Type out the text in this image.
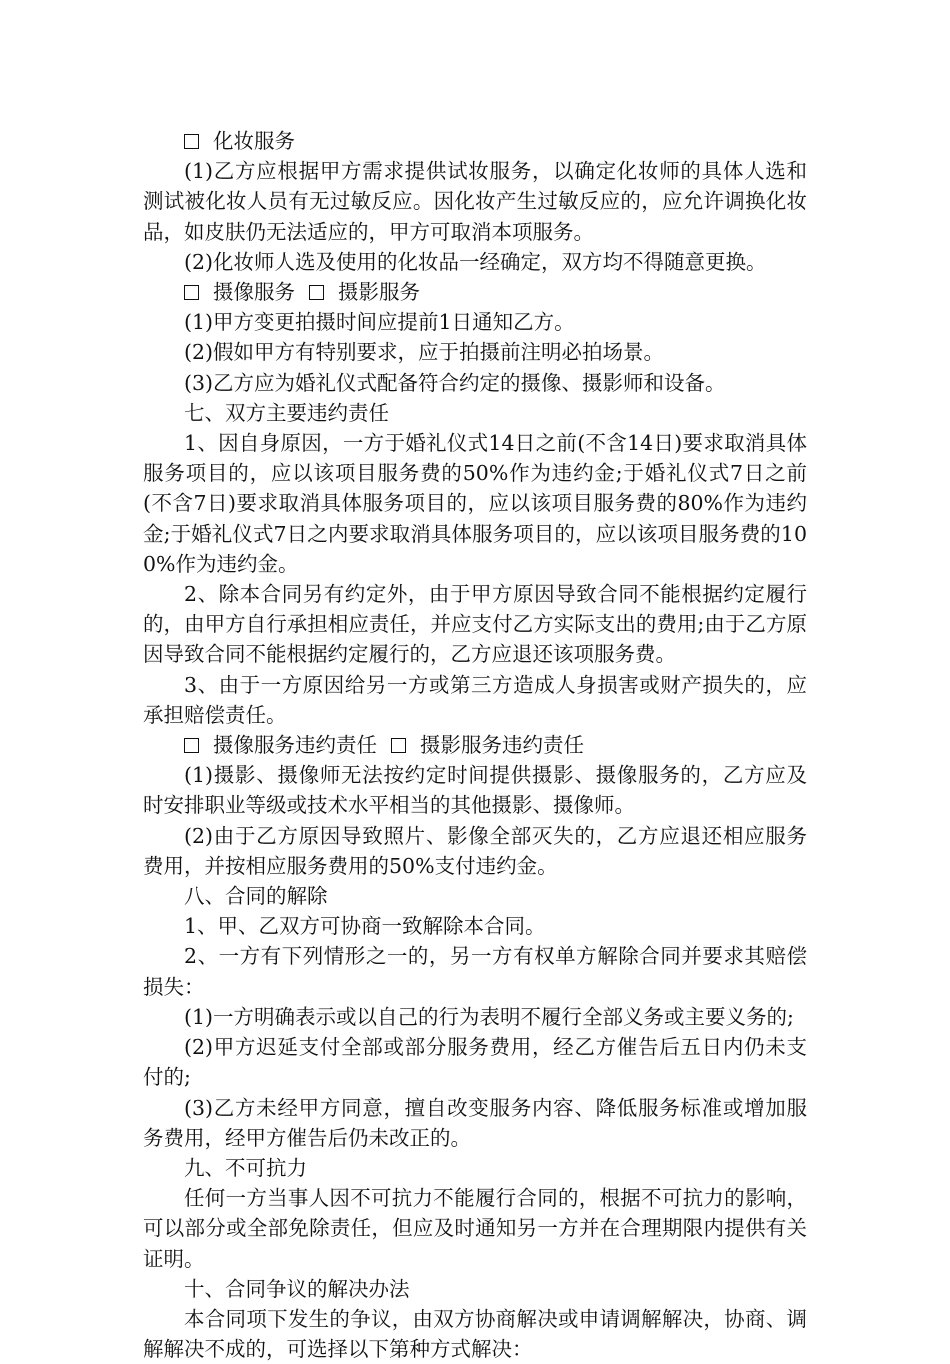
化妆服务

(1)乙方应根据甲方需求提供试妆服务，以确定化妆师的具体人选和测试被化妆人员有无过敏反应。因化妆产生过敏反应的，应允许调换化妆品，如皮肤仍无法适应的，甲方可取消本项服务。

(2)化妆师人选及使用的化妆品一经确定，双方均不得随意更换。

摄像服务 摄影服务

(1)甲方变更拍摄时间应提前1日通知乙方。

(2)假如甲方有特别要求，应于拍摄前注明必拍场景。

(3)乙方应为婚礼仪式配备符合约定的摄像、摄影师和设备。

七、双方主要违约责任

1、因自身原因，一方于婚礼仪式14日之前(不含14日)要求取消具体服务项目的，应以该项目服务费的50%作为违约金;于婚礼仪式7日之前(不含7日)要求取消具体服务项目的，应以该项目服务费的80%作为违约金;于婚礼仪式7日之内要求取消具体服务项目的，应以该项目服务费的100%作为违约金。

2、除本合同另有约定外，由于甲方原因导致合同不能根据约定履行的，由甲方自行承担相应责任，并应支付乙方实际支出的费用;由于乙方原因导致合同不能根据约定履行的，乙方应退还该项服务费。

3、由于一方原因给另一方或第三方造成人身损害或财产损失的，应承担赔偿责任。

摄像服务违约责任 摄影服务违约责任

(1)摄影、摄像师无法按约定时间提供摄影、摄像服务的，乙方应及时安排职业等级或技术水平相当的其他摄影、摄像师。

(2)由于乙方原因导致照片、影像全部灭失的，乙方应退还相应服务费用，并按相应服务费用的50%支付违约金。

八、合同的解除

1、甲、乙双方可协商一致解除本合同。

2、一方有下列情形之一的，另一方有权单方解除合同并要求其赔偿损失：

(1)一方明确表示或以自己的行为表明不履行全部义务或主要义务的;

(2)甲方迟延支付全部或部分服务费用，经乙方催告后五日内仍未支付的;

(3)乙方未经甲方同意，擅自改变服务内容、降低服务标准或增加服务费用，经甲方催告后仍未改正的。

九、不可抗力

任何一方当事人因不可抗力不能履行合同的，根据不可抗力的影响，可以部分或全部免除责任，但应及时通知另一方并在合理期限内提供有关证明。

十、合同争议的解决办法

本合同项下发生的争议，由双方协商解决或申请调解解决，协商、调解解决不成的，可选择以下第种方式解决：
